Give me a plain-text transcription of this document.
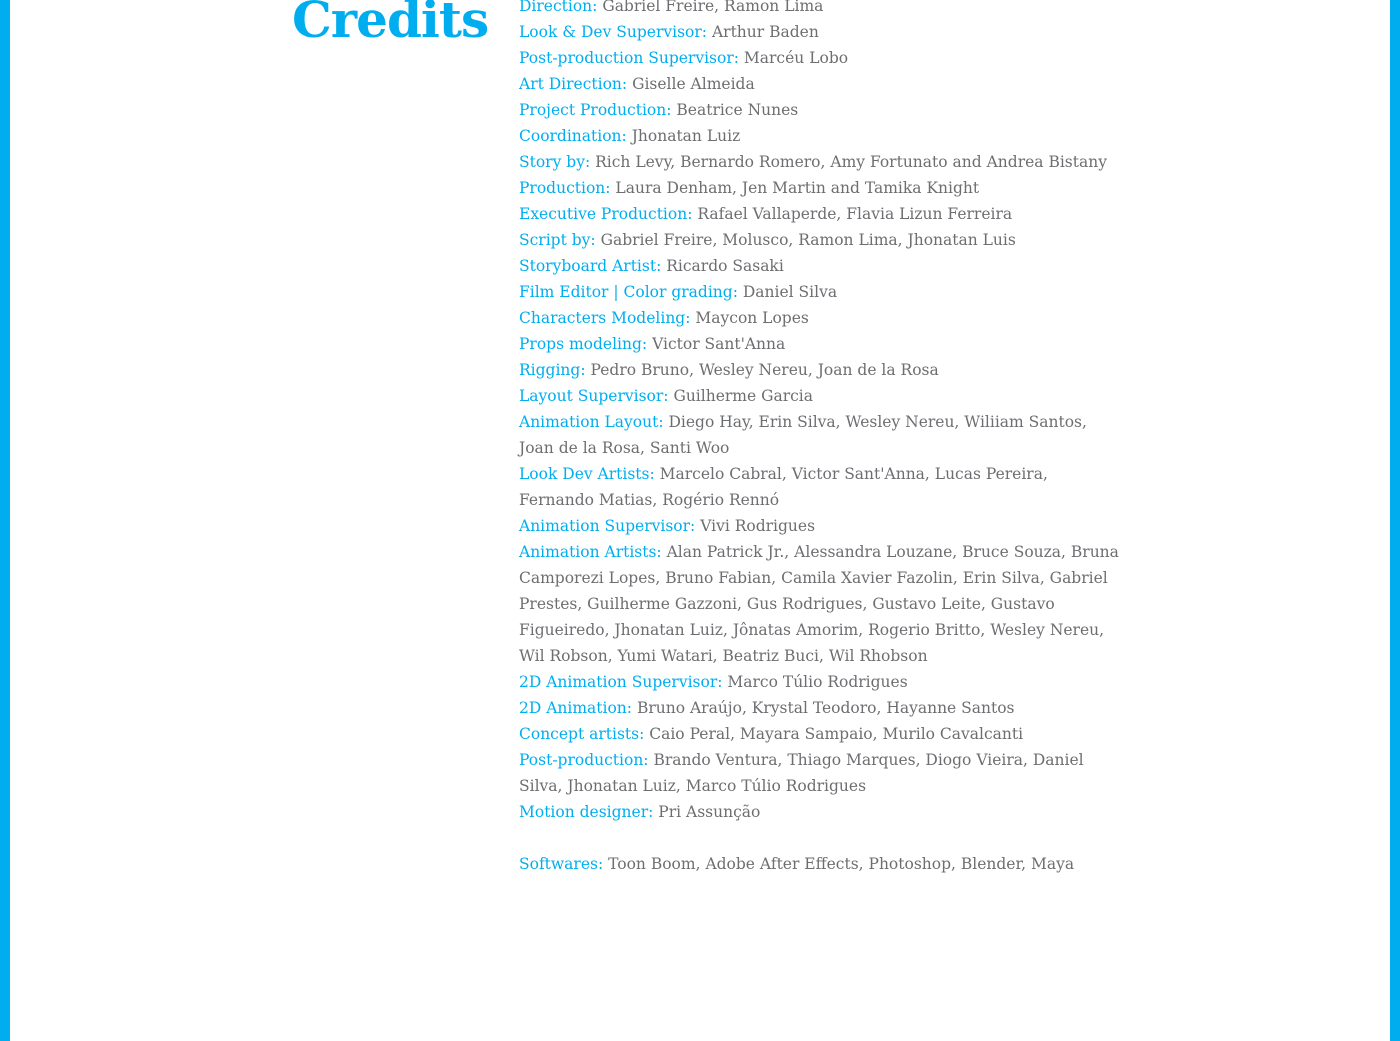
Credits Direction: Gabriel Freire, Ramon Lima

Look & Dev Supervisor: Arthur Baden

Post-production Supervisor: Marcéu Lobo

Art Direction: Giselle Almeida

Project Production: Beatrice Nunes

Coordination: Jhonatan Luiz

Story by: Rich Levy, Bernardo Romero, Amy Fortunato and Andrea Bistany

Production: Laura Denham, Jen Martin and Tamika Knight

Executive Production: Rafael Vallaperde, Flavia Lizun Ferreira

Script by: Gabriel Freire, Molusco, Ramon Lima, Jhonatan Luis

Storyboard Artist: Ricardo Sasaki

Film Editor | Color grading: Daniel Silva

Characters Modeling: Maycon Lopes

Props modeling: Victor Sant'Anna

Rigging: Pedro Bruno, Wesley Nereu, Joan de la Rosa

Layout Supervisor: Guilherme Garcia

Animation Layout: Diego Hay, Erin Silva, Wesley Nereu, Wiliiam Santos, Joan de la Rosa, Santi Woo

Look Dev Artists: Marcelo Cabral, Victor Sant'Anna, Lucas Pereira, Fernando Matias, Rogério Rennó

Animation Supervisor: Vivi Rodrigues

Animation Artists: Alan Patrick Jr., Alessandra Louzane, Bruce Souza, Bruna Camporezi Lopes, Bruno Fabian, Camila Xavier Fazolin, Erin Silva, Gabriel Prestes, Guilherme Gazzoni, Gus Rodrigues, Gustavo Leite, Gustavo Figueiredo, Jhonatan Luiz, Jônatas Amorim, Rogerio Britto, Wesley Nereu, Wil Robson, Yumi Watari, Beatriz Buci, Wil Rhobson

2D Animation Supervisor: Marco Túlio Rodrigues

2D Animation: Bruno Araújo, Krystal Teodoro, Hayanne Santos

Concept artists: Caio Peral, Mayara Sampaio, Murilo Cavalcanti

Post-production: Brando Ventura, Thiago Marques, Diogo Vieira, Daniel Silva, Jhonatan Luiz, Marco Túlio Rodrigues

Motion designer: Pri Assunção

Softwares: Toon Boom, Adobe After Effects, Photoshop, Blender, Maya
